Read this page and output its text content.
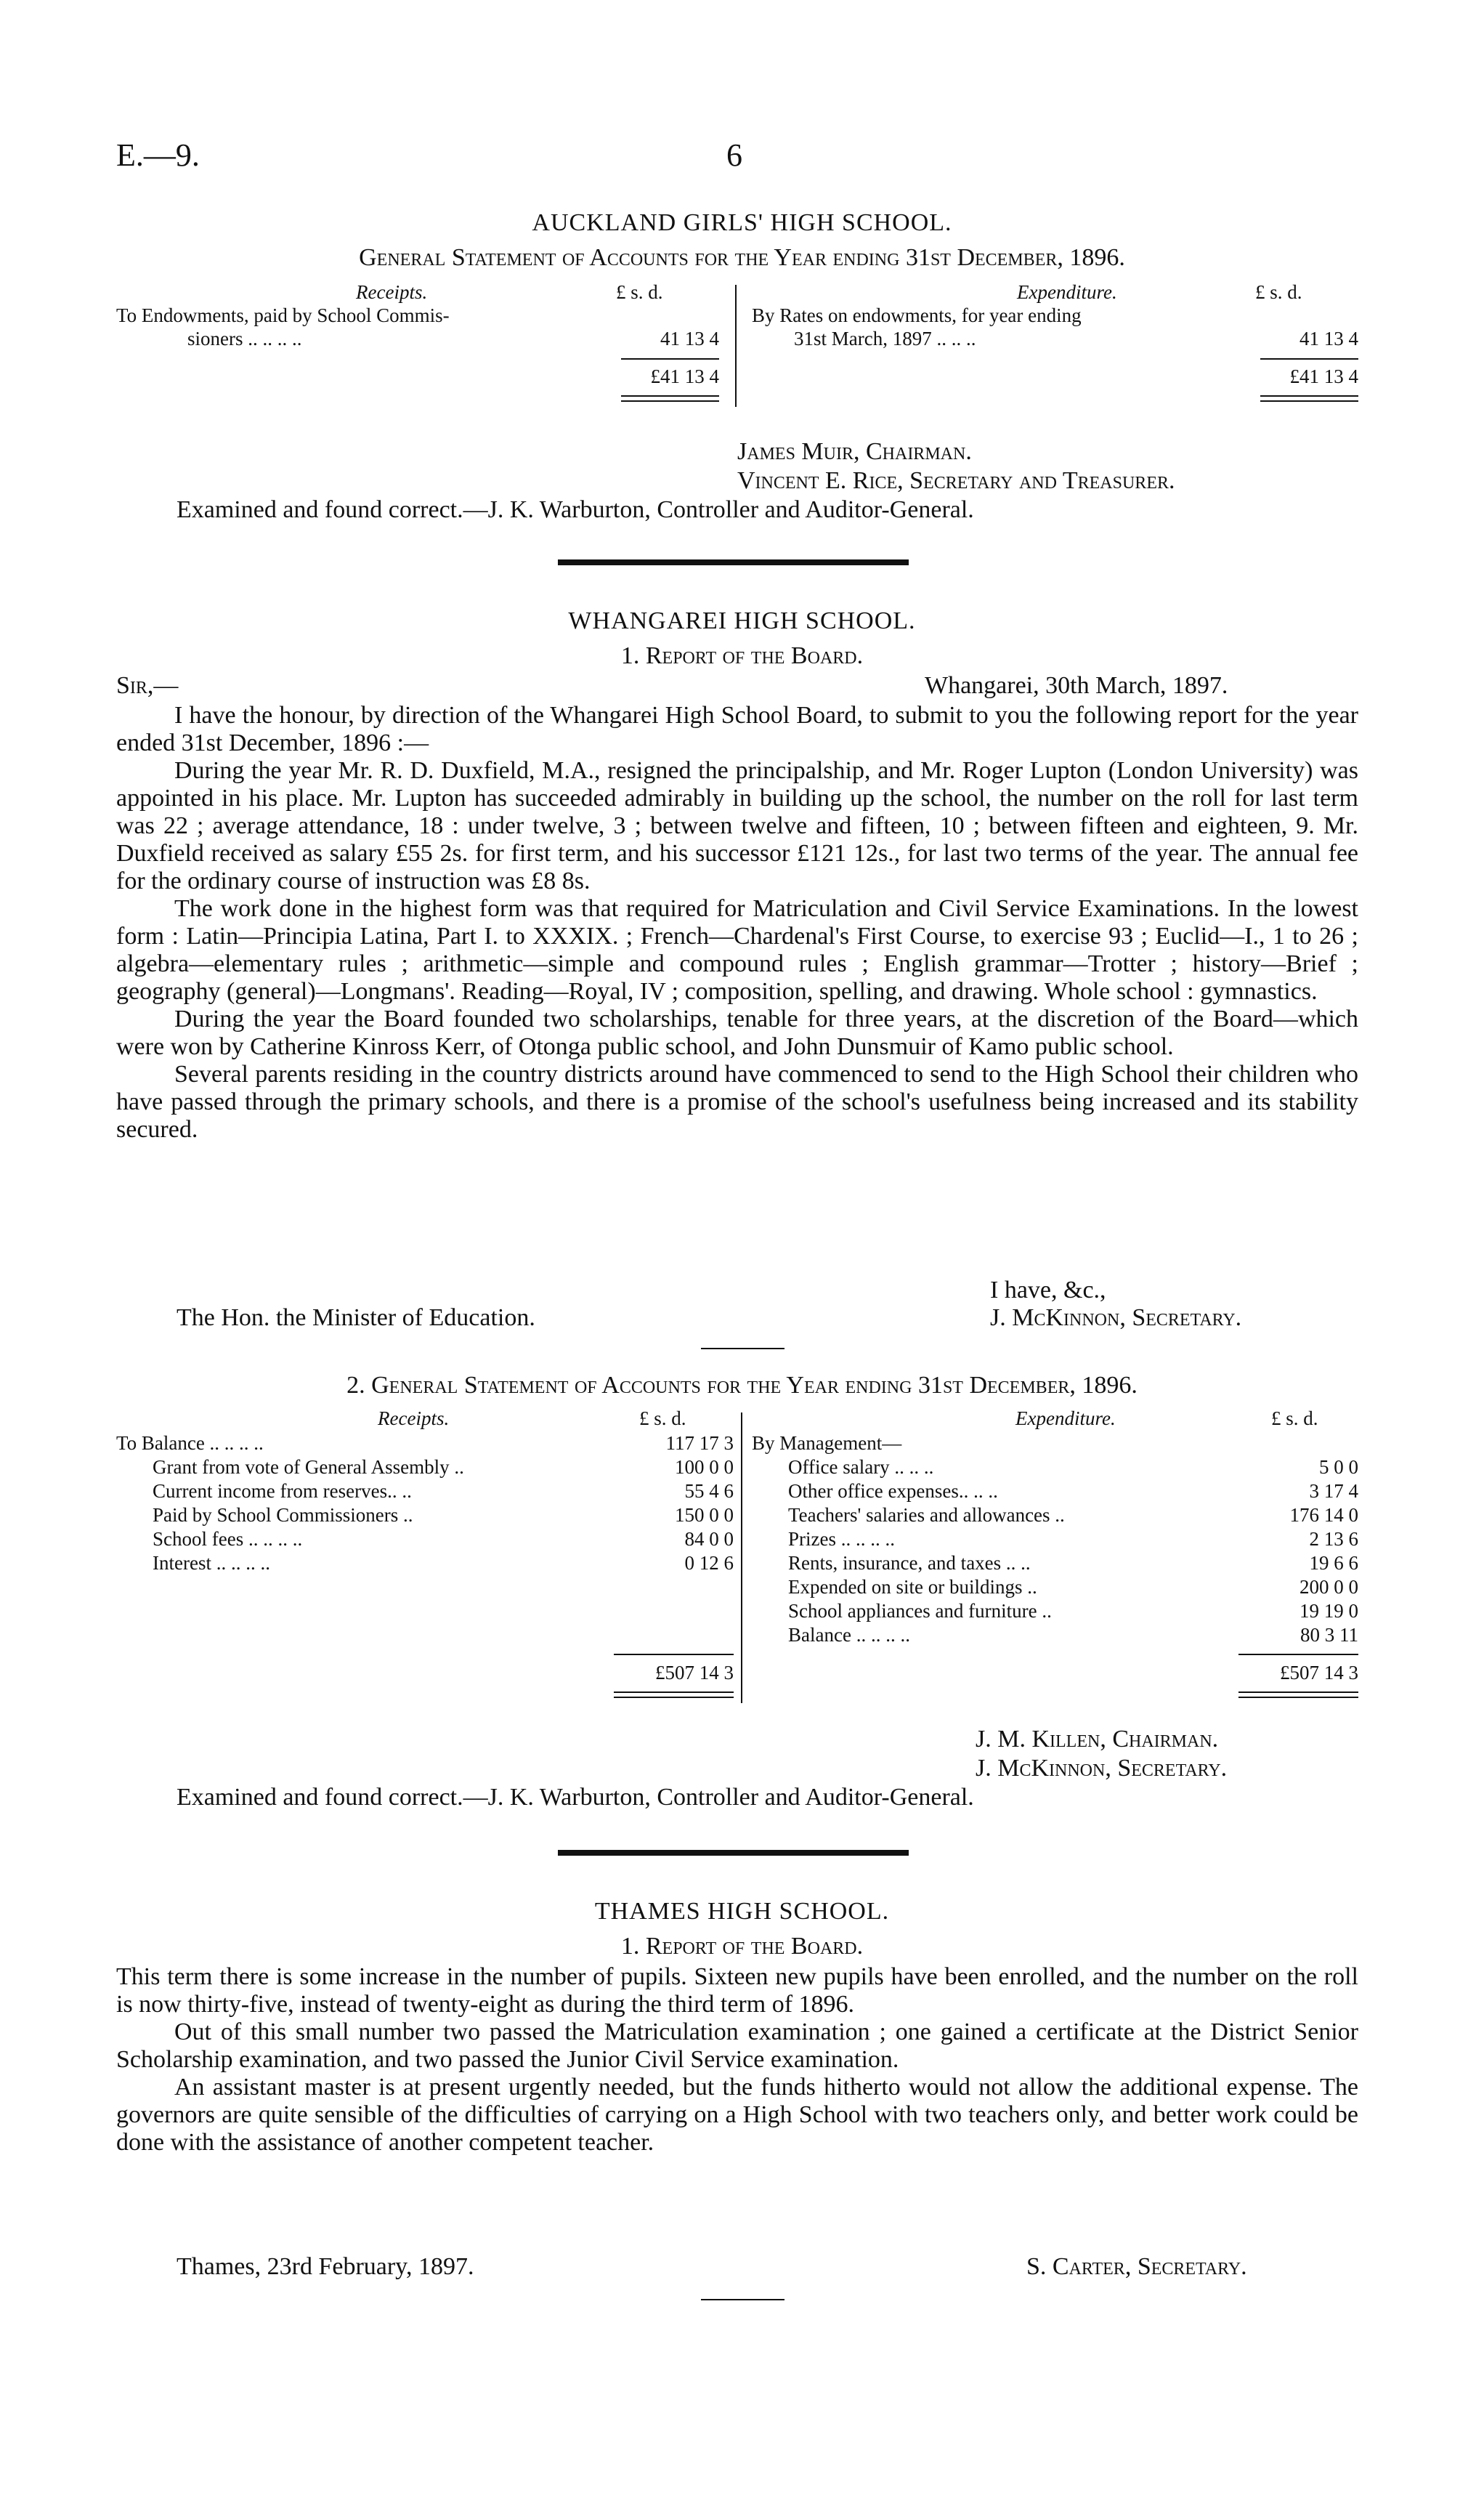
E.—9.	6
AUCKLAND GIRLS' HIGH SCHOOL.
General Statement of Accounts for the Year ending 31st December, 1896.
Receipts.	£ s. d.
To Endowments, paid by School Commis-
sioners .. .. .. ..	41 13 4
£41 13 4
Expenditure.	£ s. d.
By Rates on endowments, for year ending
31st March, 1897 .. .. ..	41 13 4
£41 13 4
James Muir, Chairman.
Vincent E. Rice, Secretary and Treasurer.
Examined and found correct.—J. K. Warburton, Controller and Auditor-General.
WHANGAREI HIGH SCHOOL.
1. Report of the Board.
Sir,—	Whangarei, 30th March, 1897.

I have the honour, by direction of the Whangarei High School Board, to submit to you the following report for the year ended 31st December, 1896 :—

During the year Mr. R. D. Duxfield, M.A., resigned the principalship, and Mr. Roger Lupton (London University) was appointed in his place. Mr. Lupton has succeeded admirably in building up the school, the number on the roll for last term was 22 ; average attendance, 18 : under twelve, 3 ; between twelve and fifteen, 10 ; between fifteen and eighteen, 9. Mr. Duxfield received as salary £55 2s. for first term, and his successor £121 12s., for last two terms of the year. The annual fee for the ordinary course of instruction was £8 8s.

The work done in the highest form was that required for Matriculation and Civil Service Examinations. In the lowest form : Latin—Principia Latina, Part I. to XXXIX. ; French—Chardenal's First Course, to exercise 93 ; Euclid—I., 1 to 26 ; algebra—elementary rules ; arithmetic—simple and compound rules ; English grammar—Trotter ; history—Brief ; geography (general)—Longmans'. Reading—Royal, IV ; composition, spelling, and drawing. Whole school : gymnastics.

During the year the Board founded two scholarships, tenable for three years, at the discretion of the Board—which were won by Catherine Kinross Kerr, of Otonga public school, and John Dunsmuir of Kamo public school.

Several parents residing in the country districts around have commenced to send to the High School their children who have passed through the primary schools, and there is a promise of the school's usefulness being increased and its stability secured.

I have, &c.,
The Hon. the Minister of Education.	J. McKinnon, Secretary.
2. General Statement of Accounts for the Year ending 31st December, 1896.
Receipts.	£ s. d.
To Balance .. .. .. ..	117 17 3
Grant from vote of General Assembly ..	100 0 0
Current income from reserves.. ..	55 4 6
Paid by School Commissioners ..	150 0 0
School fees .. .. .. ..	84 0 0
Interest .. .. .. ..	0 12 6
£507 14 3
Expenditure.	£ s. d.
By Management—
Office salary .. .. ..	5 0 0
Other office expenses.. .. ..	3 17 4
Teachers' salaries and allowances ..	176 14 0
Prizes .. .. .. ..	2 13 6
Rents, insurance, and taxes .. ..	19 6 6
Expended on site or buildings ..	200 0 0
School appliances and furniture ..	19 19 0
Balance .. .. .. ..	80 3 11
£507 14 3
J. M. Killen, Chairman.
J. McKinnon, Secretary.
Examined and found correct.—J. K. Warburton, Controller and Auditor-General.
THAMES HIGH SCHOOL.
1. Report of the Board.

This term there is some increase in the number of pupils. Sixteen new pupils have been enrolled, and the number on the roll is now thirty-five, instead of twenty-eight as during the third term of 1896.

Out of this small number two passed the Matriculation examination ; one gained a certificate at the District Senior Scholarship examination, and two passed the Junior Civil Service examination.

An assistant master is at present urgently needed, but the funds hitherto would not allow the additional expense. The governors are quite sensible of the difficulties of carrying on a High School with two teachers only, and better work could be done with the assistance of another competent teacher.

Thames, 23rd February, 1897.	S. Carter, Secretary.
